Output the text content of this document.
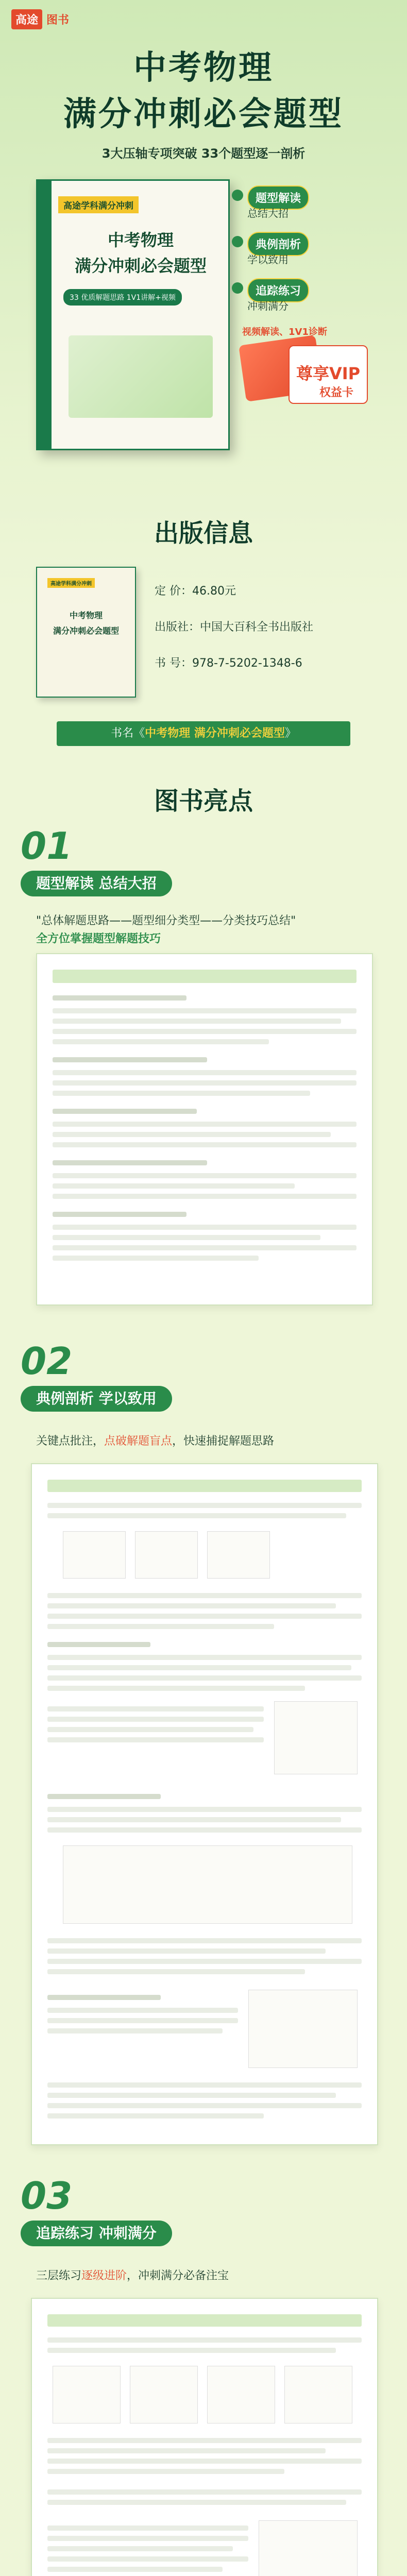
高途 图书
中考物理
满分冲刺必会题型
3大压轴专项突破 33个题型逐一剖析
高途学科满分冲刺
中考物理
满分冲刺必会题型
33 优质解题思路 1V1讲解+视频
题型解读
总结大招
典例剖析
学以致用
追踪练习
冲刺满分
视频解读、1V1诊断
尊享VIP
权益卡
出版信息
高途学科满分冲刺
中考物理
满分冲刺必会题型
定 价：46.80元
出版社：中国大百科全书出版社
书 号：978-7-5202-1348-6
书名《中考物理 满分冲刺必会题型》
图书亮点
01
题型解读 总结大招
"总体解题思路——题型细分类型——分类技巧总结"
全方位掌握题型解题技巧
02
典例剖析 学以致用
关键点批注，点破解题盲点，快速捕捉解题思路
03
追踪练习 冲刺满分
三层练习逐级进阶，冲刺满分必备注宝
